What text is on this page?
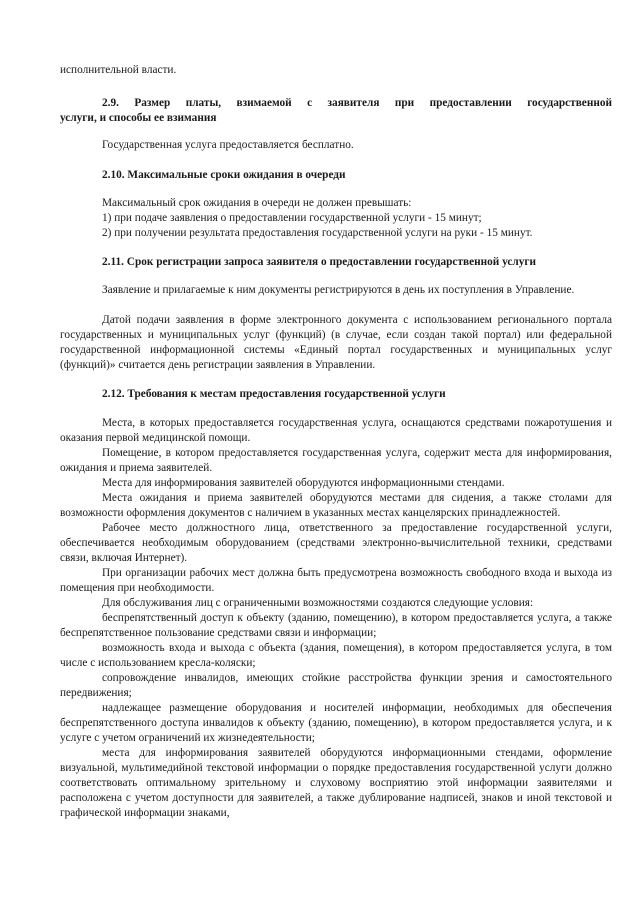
исполнительной власти.

2.9. Размер платы, взимаемой с заявителя при предоставлении государственной
услуги, и способы ее взимания

Государственная услуга предоставляется бесплатно.

2.10. Максимальные сроки ожидания в очереди

Максимальный срок ожидания в очереди не должен превышать:
1) при подаче заявления о предоставлении государственной услуги - 15 минут;
2) при получении результата предоставления государственной услуги на руки - 15 минут.

2.11. Срок регистрации запроса заявителя о предоставлении государственной услуги

Заявление и прилагаемые к ним документы регистрируются в день их поступления в Управление.

Датой подачи заявления в форме электронного документа с использованием регионального портала государственных и муниципальных услуг (функций) (в случае, если создан такой портал) или федеральной государственной информационной системы «Единый портал государственных и муниципальных услуг (функций)» считается день регистрации заявления в Управлении.

2.12. Требования к местам предоставления государственной услуги

Места, в которых предоставляется государственная услуга, оснащаются средствами пожаротушения и оказания первой медицинской помощи.

Помещение, в котором предоставляется государственная услуга, содержит места для информирования, ожидания и приема заявителей.

Места для информирования заявителей оборудуются информационными стендами.

Места ожидания и приема заявителей оборудуются местами для сидения, а также столами для возможности оформления документов с наличием в указанных местах канцелярских принадлежностей.

Рабочее место должностного лица, ответственного за предоставление государственной услуги, обеспечивается необходимым оборудованием (средствами электронно-вычислительной техники, средствами связи, включая Интернет).

При организации рабочих мест должна быть предусмотрена возможность свободного входа и выхода из помещения при необходимости.

Для обслуживания лиц с ограниченными возможностями создаются следующие условия:

беспрепятственный доступ к объекту (зданию, помещению), в котором предоставляется услуга, а также беспрепятственное пользование средствами связи и информации;

возможность входа и выхода с объекта (здания, помещения), в котором предоставляется услуга, в том числе с использованием кресла-коляски;

сопровождение инвалидов, имеющих стойкие расстройства функции зрения и самостоятельного передвижения;

надлежащее размещение оборудования и носителей информации, необходимых для обеспечения беспрепятственного доступа инвалидов к объекту (зданию, помещению), в котором предоставляется услуга, и к услуге с учетом ограничений их жизнедеятельности;

места для информирования заявителей оборудуются информационными стендами, оформление визуальной, мультимедийной текстовой информации о порядке предоставления государственной услуги должно соответствовать оптимальному зрительному и слуховому восприятию этой информации заявителями и расположена с учетом доступности для заявителей, а также дублирование надписей, знаков и иной текстовой и графической информации знаками,
